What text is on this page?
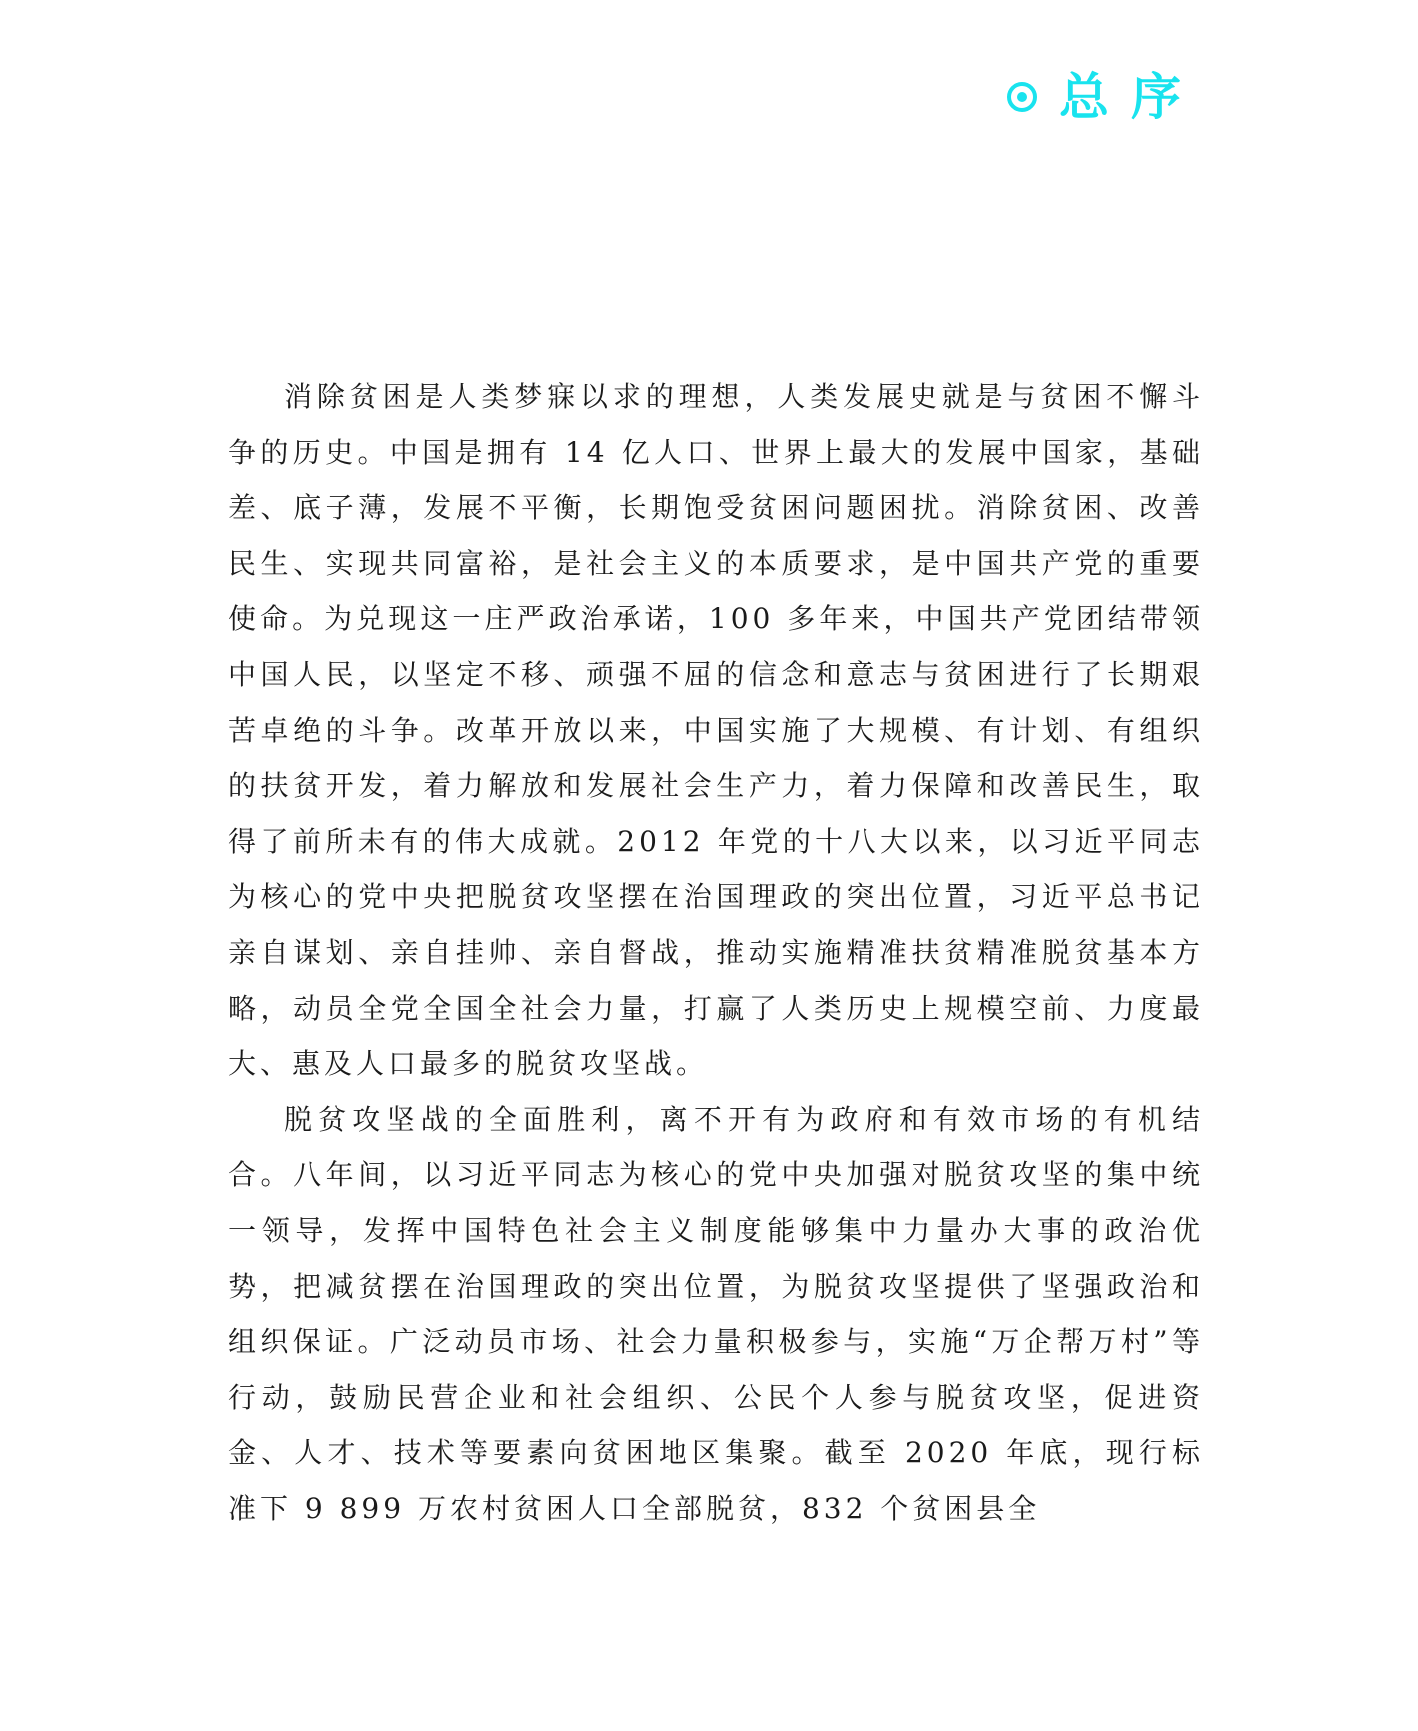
总序

消除贫困是人类梦寐以求的理想，人类发展史就是与贫困不懈斗争的历史。中国是拥有 14 亿人口、世界上最大的发展中国家，基础差、底子薄，发展不平衡，长期饱受贫困问题困扰。消除贫困、改善民生、实现共同富裕，是社会主义的本质要求，是中国共产党的重要使命。为兑现这一庄严政治承诺，100 多年来，中国共产党团结带领中国人民，以坚定不移、顽强不屈的信念和意志与贫困进行了长期艰苦卓绝的斗争。改革开放以来，中国实施了大规模、有计划、有组织的扶贫开发，着力解放和发展社会生产力，着力保障和改善民生，取得了前所未有的伟大成就。2012 年党的十八大以来，以习近平同志为核心的党中央把脱贫攻坚摆在治国理政的突出位置，习近平总书记亲自谋划、亲自挂帅、亲自督战，推动实施精准扶贫精准脱贫基本方略，动员全党全国全社会力量，打赢了人类历史上规模空前、力度最大、惠及人口最多的脱贫攻坚战。

脱贫攻坚战的全面胜利，离不开有为政府和有效市场的有机结合。八年间，以习近平同志为核心的党中央加强对脱贫攻坚的集中统一领导，发挥中国特色社会主义制度能够集中力量办大事的政治优势，把减贫摆在治国理政的突出位置，为脱贫攻坚提供了坚强政治和组织保证。广泛动员市场、社会力量积极参与，实施“万企帮万村”等行动，鼓励民营企业和社会组织、公民个人参与脱贫攻坚，促进资金、人才、技术等要素向贫困地区集聚。截至 2020 年底，现行标准下 9 899 万农村贫困人口全部脱贫，832 个贫困县全
